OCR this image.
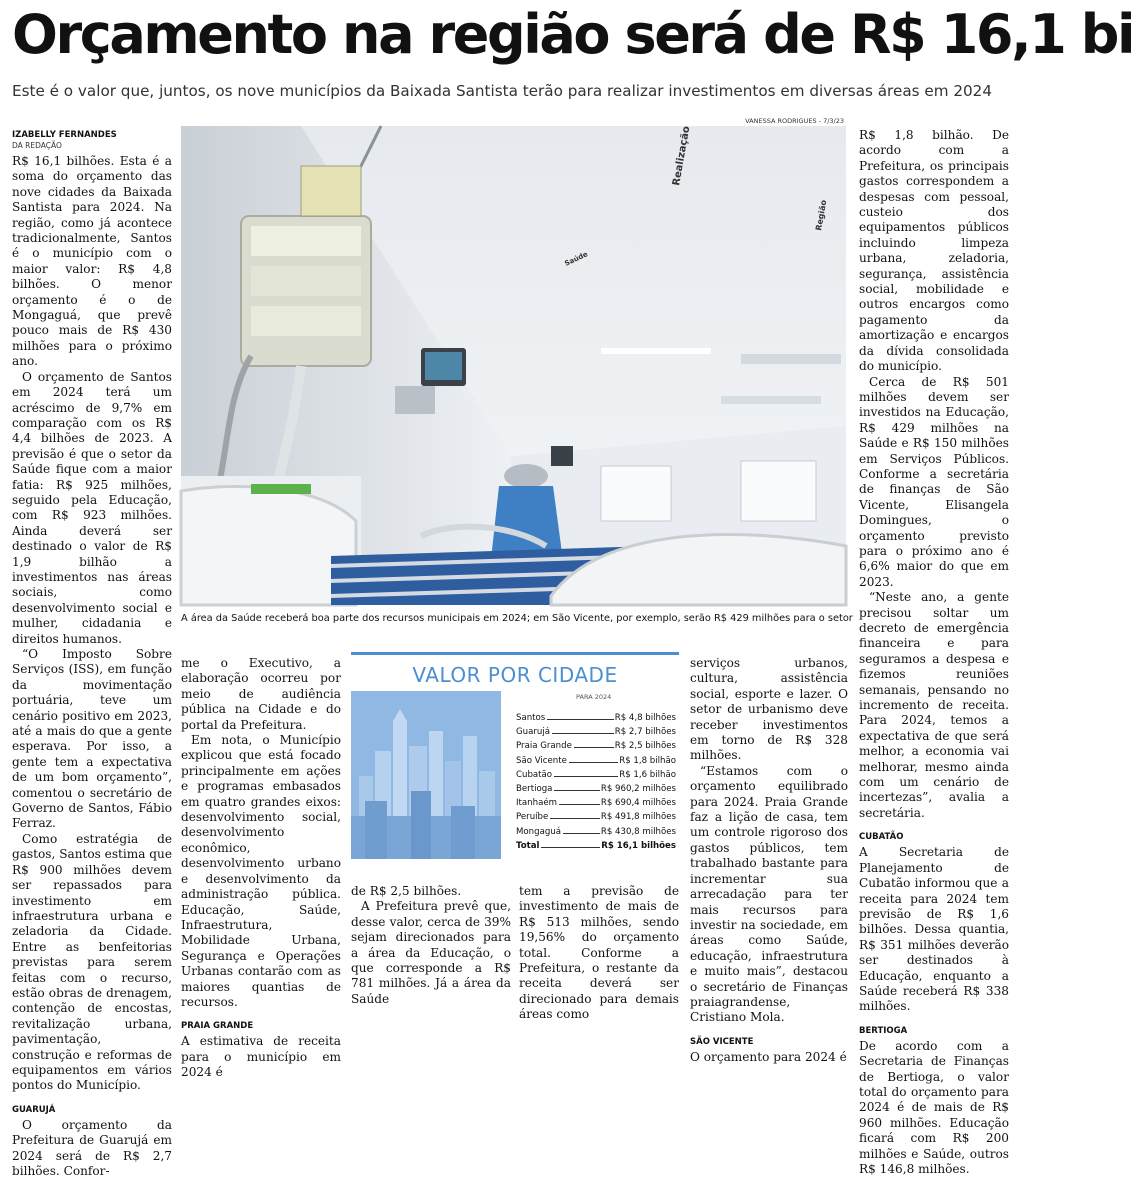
Orçamento na região será de R$ 16,1 bi
Este é o valor que, juntos, os nove municípios da Baixada Santista terão para realizar investimentos em diversas áreas em 2024
IZABELLY FERNANDES
DA REDAÇÃO

R$ 16,1 bilhões. Esta é a soma do orçamento das nove cidades da Baixada Santista para 2024. Na região, como já acontece tradicionalmente, Santos é o município com o maior valor: R$ 4,8 bilhões. O menor orçamento é o de Mongaguá, que prevê pouco mais de R$ 430 milhões para o próximo ano.

O orçamento de Santos em 2024 terá um acréscimo de 9,7% em comparação com os R$ 4,4 bilhões de 2023. A previsão é que o setor da Saúde fique com a maior fatia: R$ 925 milhões, seguido pela Educação, com R$ 923 milhões. Ainda deverá ser destinado o valor de R$ 1,9 bilhão a investimentos nas áreas sociais, como desenvolvimento social e mulher, cidadania e direitos humanos.

“O Imposto Sobre Serviços (ISS), em função da movimentação portuária, teve um cenário positivo em 2023, até a mais do que a gente esperava. Por isso, a gente tem a expectativa de um bom orçamento”, comentou o secretário de Governo de Santos, Fábio Ferraz.

Como estratégia de gastos, Santos estima que R$ 900 milhões devem ser repassados para investimento em infraestrutura urbana e zeladoria da Cidade. Entre as benfeitorias previstas para serem feitas com o recurso, estão obras de drenagem, contenção de encostas, revitalização urbana, pavimentação, construção e reformas de equipamentos em vários pontos do Município.

GUARUJÁ

O orçamento da Prefeitura de Guarujá em 2024 será de R$ 2,7 bilhões. Confor-

VANESSA RODRIGUES - 7/3/23
Realização
Saúde
Região
A área da Saúde receberá boa parte dos recursos municipais em 2024; em São Vicente, por exemplo, serão R$ 429 milhões para o setor

me o Executivo, a elaboração ocorreu por meio de audiência pública na Cidade e do portal da Prefeitura.

Em nota, o Município explicou que está focado principalmente em ações e programas embasados em quatro grandes eixos: desenvolvimento social, desenvolvimento econômico, desenvolvimento urbano e desenvolvimento da administração pública. Educação, Saúde, Infraestrutura, Mobilidade Urbana, Segurança e Operações Urbanas contarão com as maiores quantias de recursos.

PRAIA GRANDE

A estimativa de receita para o município em 2024 é

VALOR POR CIDADE
PARA 2024
Santos	R$ 4,8 bilhões
Guarujá	R$ 2,7 bilhões
Praia Grande	R$ 2,5 bilhões
São Vicente	R$ 1,8 bilhão
Cubatão	R$ 1,6 bilhão
Bertioga	R$ 960,2 milhões
Itanhaém	R$ 690,4 milhões
Peruíbe	R$ 491,8 milhões
Mongaguá	R$ 430,8 milhões
Total	R$ 16,1 bilhões

de R$ 2,5 bilhões.

A Prefeitura prevê que, desse valor, cerca de 39% sejam direcionados para a área da Educação, o que corresponde a R$ 781 milhões. Já a área da Saúde

tem a previsão de investimento de mais de R$ 513 milhões, sendo 19,56% do orçamento total. Conforme a Prefeitura, o restante da receita deverá ser direcionado para demais áreas como

serviços urbanos, cultura, assistência social, esporte e lazer. O setor de urbanismo deve receber investimentos em torno de R$ 328 milhões.

“Estamos com o orçamento equilibrado para 2024. Praia Grande faz a lição de casa, tem um controle rigoroso dos gastos públicos, tem trabalhado bastante para incrementar sua arrecadação para ter mais recursos para investir na sociedade, em áreas como Saúde, educação, infraestrutura e muito mais”, destacou o secretário de Finanças praiagrandense, Cristiano Mola.

SÃO VICENTE

O orçamento para 2024 é

R$ 1,8 bilhão. De acordo com a Prefeitura, os principais gastos correspondem a despesas com pessoal, custeio dos equipamentos públicos incluindo limpeza urbana, zeladoria, segurança, assistência social, mobilidade e outros encargos como pagamento da amortização e encargos da dívida consolidada do município.

Cerca de R$ 501 milhões devem ser investidos na Educação, R$ 429 milhões na Saúde e R$ 150 milhões em Serviços Públicos. Conforme a secretária de finanças de São Vicente, Elisangela Domingues, o orçamento previsto para o próximo ano é 6,6% maior do que em 2023.

“Neste ano, a gente precisou soltar um decreto de emergência financeira e para seguramos a despesa e fizemos reuniões semanais, pensando no incremento de receita. Para 2024, temos a expectativa de que será melhor, a economia vai melhorar, mesmo ainda com um cenário de incertezas”, avalia a secretária.

CUBATÃO

A Secretaria de Planejamento de Cubatão informou que a receita para 2024 tem previsão de R$ 1,6 bilhões. Dessa quantia, R$ 351 milhões deverão ser destinados à Educação, enquanto a Saúde receberá R$ 338 milhões.

BERTIOGA

De acordo com a Secretaria de Finanças de Bertioga, o valor total do orçamento para 2024 é de mais de R$ 960 milhões. Educação ficará com R$ 200 milhões e Saúde, outros R$ 146,8 milhões.
